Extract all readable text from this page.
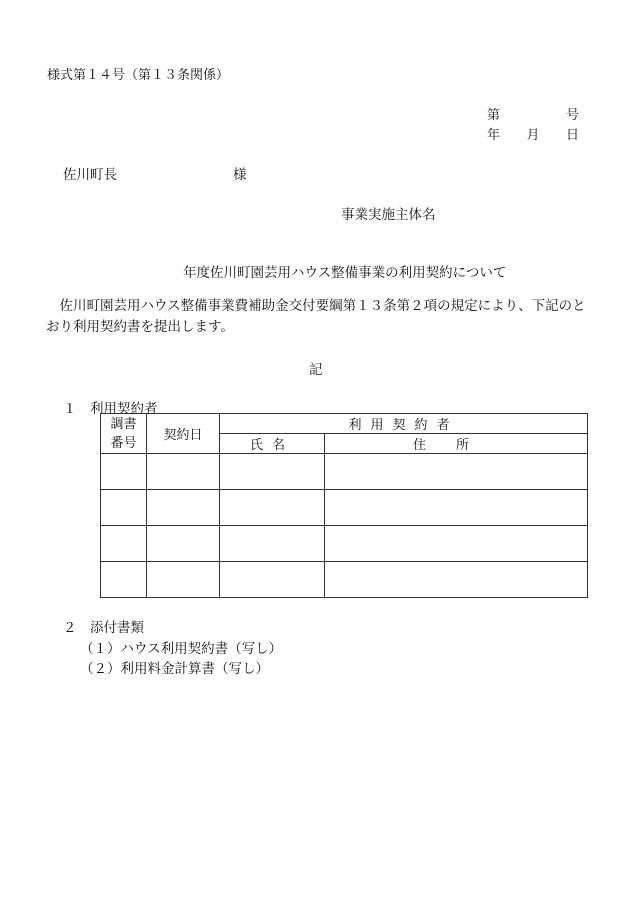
様式第１４号（第１３条関係）
第	号
年 月 日
佐川町長	様
事業実施主体名
年度佐川町園芸用ハウス整備事業の利用契約について
　佐川町園芸用ハウス整備事業費補助金交付要綱第１３条第２項の規定により、下記のとおり利用契約書を提出します。
記
１　利用契約者
調書
番号	契約日	利用契約者	
		氏名	住所

２　添付書類
（１）ハウス利用契約書（写し）
（２）利用料金計算書（写し）
